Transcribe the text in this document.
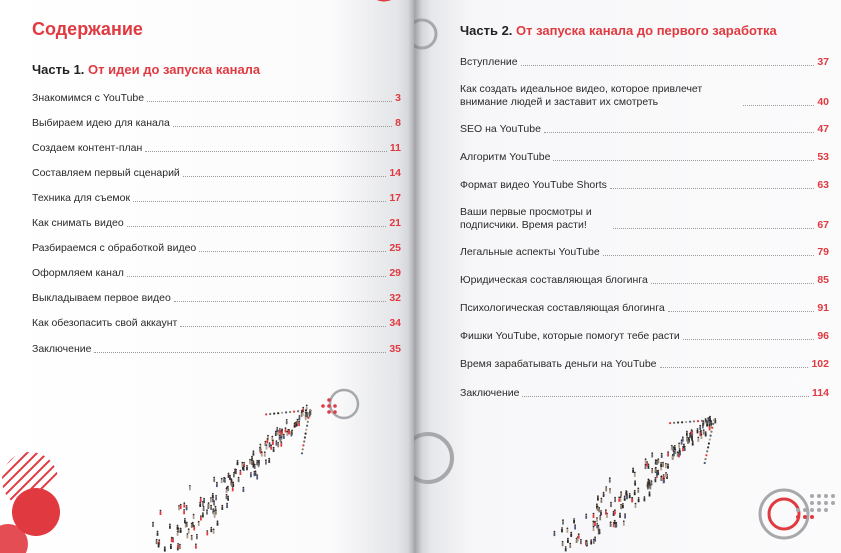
Содержание
Часть 1. От идеи до запуска канала
Знакомимся с YouTube	3
Выбираем идею для канала	8
Создаем контент-план	11
Составляем первый сценарий	14
Техника для съемок	17
Как снимать видео	21
Разбираемся с обработкой видео	25
Оформляем канал	29
Выкладываем первое видео	32
Как обезопасить свой аккаунт	34
Заключение	35
Часть 2. От запуска канала до первого заработка
Вступление	37
Как создать идеальное видео, которое привлечет внимание людей и заставит их смотреть	40
SEO на YouTube	47
Алгоритм YouTube	53
Формат видео YouTube Shorts	63
Ваши первые просмотры и подписчики. Время расти!	67
Легальные аспекты YouTube	79
Юридическая составляющая блогинга	85
Психологическая составляющая блогинга	91
Фишки YouTube, которые помогут тебе расти	96
Время зарабатывать деньги на YouTube	102
Заключение	114
